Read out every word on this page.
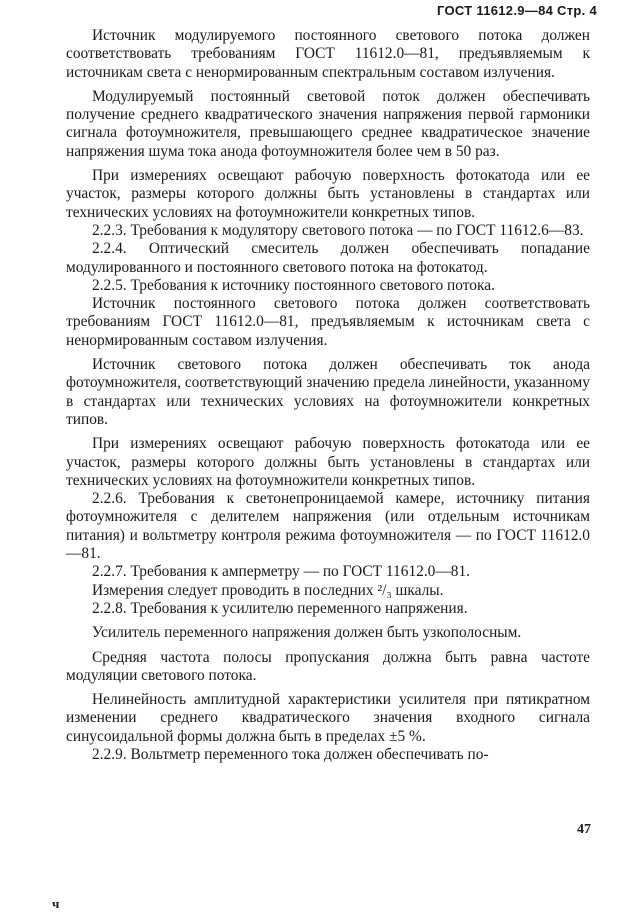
ГОСТ 11612.9—84 Стр. 4

Источник модулируемого постоянного светового потока должен соответствовать требованиям ГОСТ 11612.0—81, предъявляемым к источникам света с ненормированным спектральным составом излучения.

Модулируемый постоянный световой поток должен обеспечивать получение среднего квадратического значения напряжения первой гармоники сигнала фотоумножителя, превышающего среднее квадратическое значение напряжения шума тока анода фотоумножителя более чем в 50 раз.

При измерениях освещают рабочую поверхность фотокатода или ее участок, размеры которого должны быть установлены в стандартах или технических условиях на фотоумножители конкретных типов.

2.2.3. Требования к модулятору светового потока — по ГОСТ 11612.6—83.

2.2.4. Оптический смеситель должен обеспечивать попадание модулированного и постоянного светового потока на фотокатод.

2.2.5. Требования к источнику постоянного светового потока.

Источник постоянного светового потока должен соответствовать требованиям ГОСТ 11612.0—81, предъявляемым к источникам света с ненормированным составом излучения.

Источник светового потока должен обеспечивать ток анода фотоумножителя, соответствующий значению предела линейности, указанному в стандартах или технических условиях на фотоумножители конкретных типов.

При измерениях освещают рабочую поверхность фотокатода или ее участок, размеры которого должны быть установлены в стандартах или технических условиях на фотоумножители конкретных типов.

2.2.6. Требования к светонепроницаемой камере, источнику питания фотоумножителя с делителем напряжения (или отдельным источникам питания) и вольтметру контроля режима фотоумножителя — по ГОСТ 11612.0—81.

2.2.7. Требования к амперметру — по ГОСТ 11612.0—81.

Измерения следует проводить в последних ²/₃ шкалы.

2.2.8. Требования к усилителю переменного напряжения.

Усилитель переменного напряжения должен быть узкополосным.

Средняя частота полосы пропускания должна быть равна частоте модуляции светового потока.

Нелинейность амплитудной характеристики усилителя при пятикратном изменении среднего квадратического значения входного сигнала синусоидальной формы должна быть в пределах ±5 %.

2.2.9. Вольтметр переменного тока должен обеспечивать по-

47
ч
